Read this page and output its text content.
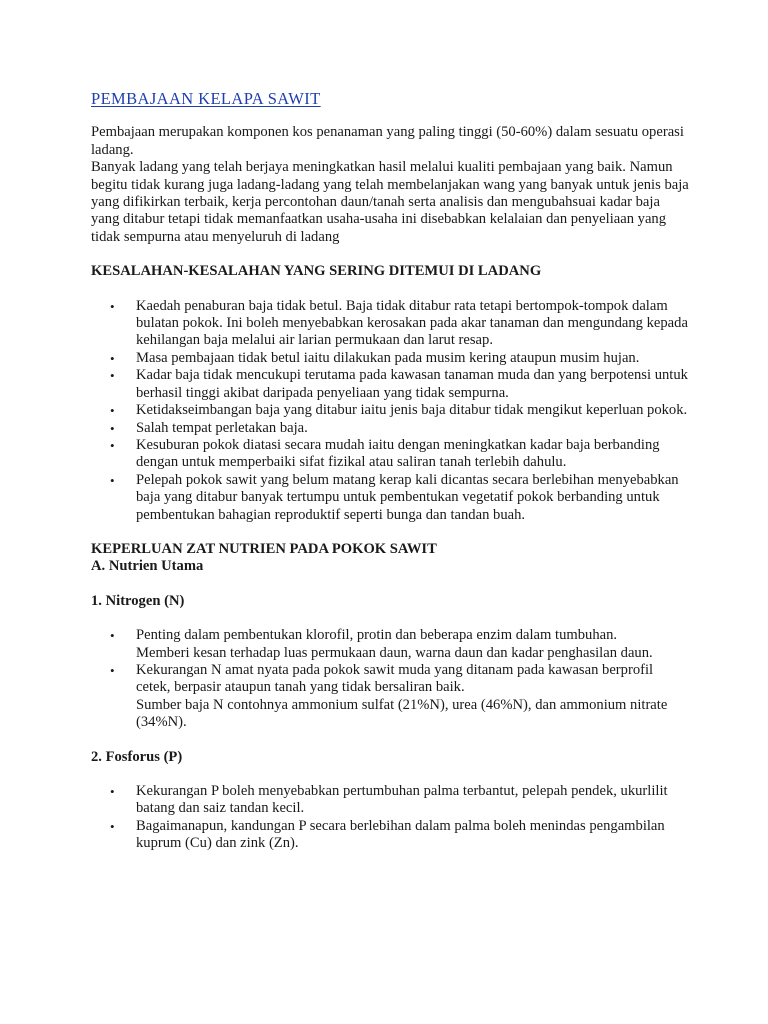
PEMBAJAAN KELAPA SAWIT

Pembajaan merupakan komponen kos penanaman yang paling tinggi (50-60%) dalam sesuatu operasi ladang.

Banyak ladang yang telah berjaya meningkatkan hasil melalui kualiti pembajaan yang baik. Namun begitu tidak kurang juga ladang-ladang yang telah membelanjakan wang yang banyak untuk jenis baja yang difikirkan terbaik, kerja percontohan daun/tanah serta analisis dan mengubahsuai kadar baja yang ditabur tetapi tidak memanfaatkan usaha-usaha ini disebabkan kelalaian dan penyeliaan yang tidak sempurna atau menyeluruh di ladang

KESALAHAN-KESALAHAN YANG SERING DITEMUI DI LADANG

• Kaedah penaburan baja tidak betul. Baja tidak ditabur rata tetapi bertompok-tompok dalam bulatan pokok. Ini boleh menyebabkan kerosakan pada akar tanaman dan mengundang kepada kehilangan baja melalui air larian permukaan dan larut resap.
• Masa pembajaan tidak betul iaitu dilakukan pada musim kering ataupun musim hujan.
• Kadar baja tidak mencukupi terutama pada kawasan tanaman muda dan yang berpotensi untuk berhasil tinggi akibat daripada penyeliaan yang tidak sempurna.
• Ketidakseimbangan baja yang ditabur iaitu jenis baja ditabur tidak mengikut keperluan pokok.
• Salah tempat perletakan baja.
• Kesuburan pokok diatasi secara mudah iaitu dengan meningkatkan kadar baja berbanding dengan untuk memperbaiki sifat fizikal atau saliran tanah terlebih dahulu.
• Pelepah pokok sawit yang belum matang kerap kali dicantas secara berlebihan menyebabkan baja yang ditabur banyak tertumpu untuk pembentukan vegetatif pokok berbanding untuk pembentukan bahagian reproduktif seperti bunga dan tandan buah.

KEPERLUAN ZAT NUTRIEN PADA POKOK SAWIT

A. Nutrien Utama

1. Nitrogen (N)

• Penting dalam pembentukan klorofil, protin dan beberapa enzim dalam tumbuhan.
Memberi kesan terhadap luas permukaan daun, warna daun dan kadar penghasilan daun.
• Kekurangan N amat nyata pada pokok sawit muda yang ditanam pada kawasan berprofil cetek, berpasir ataupun tanah yang tidak bersaliran baik.
Sumber baja N contohnya ammonium sulfat (21%N), urea (46%N), dan ammonium nitrate (34%N).

2. Fosforus (P)

• Kekurangan P boleh menyebabkan pertumbuhan palma terbantut, pelepah pendek, ukurlilit batang dan saiz tandan kecil.
• Bagaimanapun, kandungan P secara berlebihan dalam palma boleh menindas pengambilan kuprum (Cu) dan zink (Zn).
